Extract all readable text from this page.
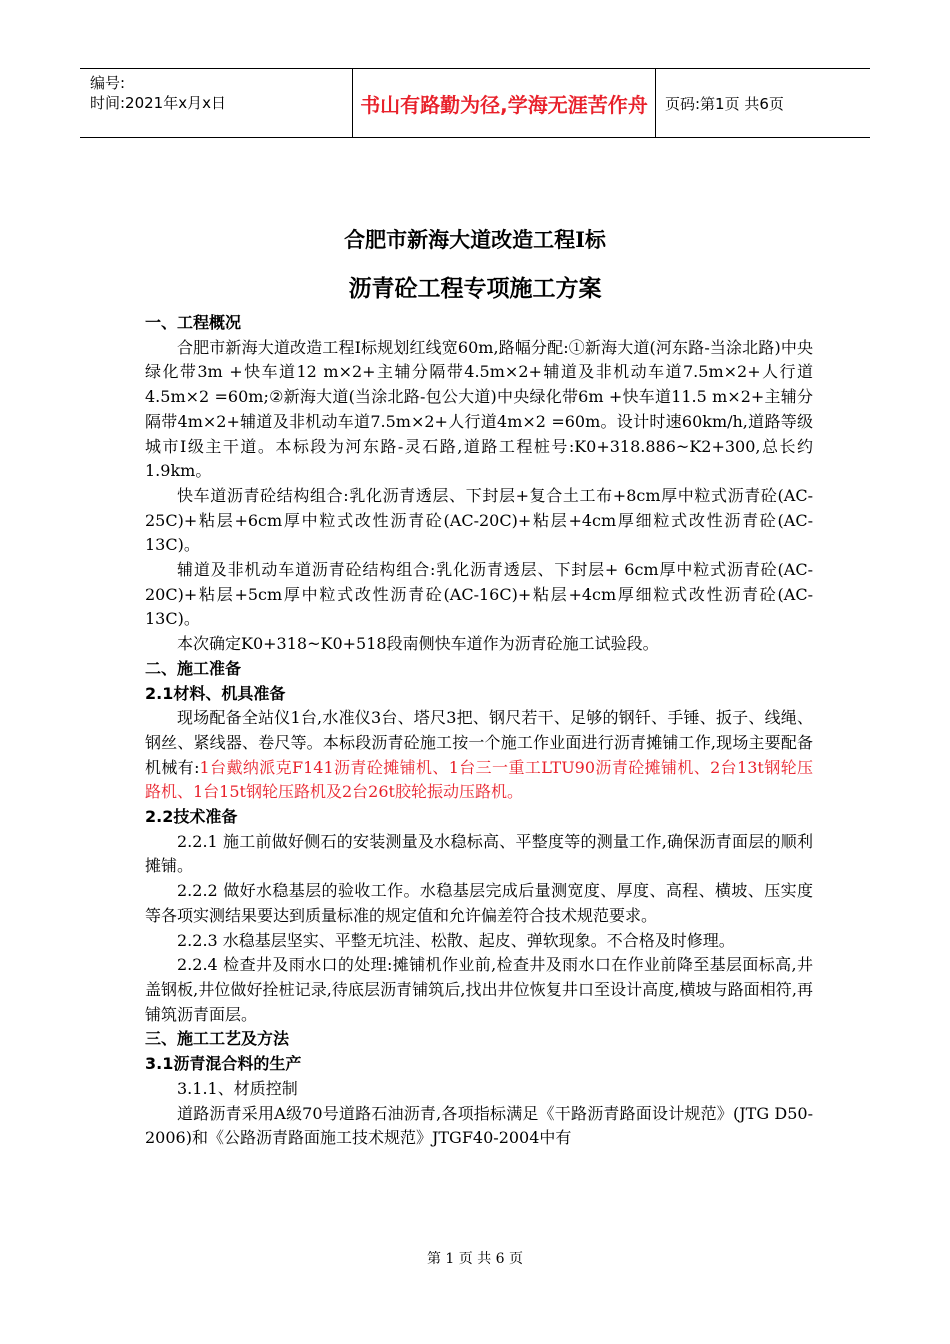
编号:
时间:2021年x月x日	书山有路勤为径,学海无涯苦作舟	页码:第1页 共6页
合肥市新海大道改造工程Ⅰ标
沥青砼工程专项施工方案

一、工程概况

合肥市新海大道改造工程Ⅰ标规划红线宽60m,路幅分配:①新海大道(河东路-当涂北路)中央绿化带3m +快车道12 m×2+主辅分隔带4.5m×2+辅道及非机动车道7.5m×2+人行道4.5m×2 =60m;②新海大道(当涂北路-包公大道)中央绿化带6m +快车道11.5 m×2+主辅分隔带4m×2+辅道及非机动车道7.5m×2+人行道4m×2 =60m。设计时速60km/h,道路等级城市Ⅰ级主干道。本标段为河东路-灵石路,道路工程桩号:K0+318.886~K2+300,总长约1.9km。

快车道沥青砼结构组合:乳化沥青透层、下封层+复合土工布+8cm厚中粒式沥青砼(AC-25C)+粘层+6cm厚中粒式改性沥青砼(AC-20C)+粘层+4cm厚细粒式改性沥青砼(AC-13C)。

辅道及非机动车道沥青砼结构组合:乳化沥青透层、下封层+ 6cm厚中粒式沥青砼(AC-20C)+粘层+5cm厚中粒式改性沥青砼(AC-16C)+粘层+4cm厚细粒式改性沥青砼(AC-13C)。

本次确定K0+318~K0+518段南侧快车道作为沥青砼施工试验段。

二、施工准备

2.1材料、机具准备

现场配备全站仪1台,水准仪3台、塔尺3把、钢尺若干、足够的钢钎、手锤、扳子、线绳、钢丝、紧线器、卷尺等。本标段沥青砼施工按一个施工作业面进行沥青摊铺工作,现场主要配备机械有:1台戴纳派克F141沥青砼摊铺机、1台三一重工LTU90沥青砼摊铺机、2台13t钢轮压路机、1台15t钢轮压路机及2台26t胶轮振动压路机。

2.2技术准备

2.2.1 施工前做好侧石的安装测量及水稳标高、平整度等的测量工作,确保沥青面层的顺利摊铺。

2.2.2 做好水稳基层的验收工作。水稳基层完成后量测宽度、厚度、高程、横坡、压实度等各项实测结果要达到质量标准的规定值和允许偏差符合技术规范要求。

2.2.3 水稳基层坚实、平整无坑洼、松散、起皮、弹软现象。不合格及时修理。

2.2.4 检查井及雨水口的处理:摊铺机作业前,检查井及雨水口在作业前降至基层面标高,井盖钢板,井位做好拴桩记录,待底层沥青铺筑后,找出井位恢复井口至设计高度,横坡与路面相符,再铺筑沥青面层。

三、施工工艺及方法

3.1沥青混合料的生产

3.1.1、材质控制

道路沥青采用A级70号道路石油沥青,各项指标满足《干路沥青路面设计规范》(JTG D50-2006)和《公路沥青路面施工技术规范》JTGF40-2004中有

第 1 页 共 6 页
